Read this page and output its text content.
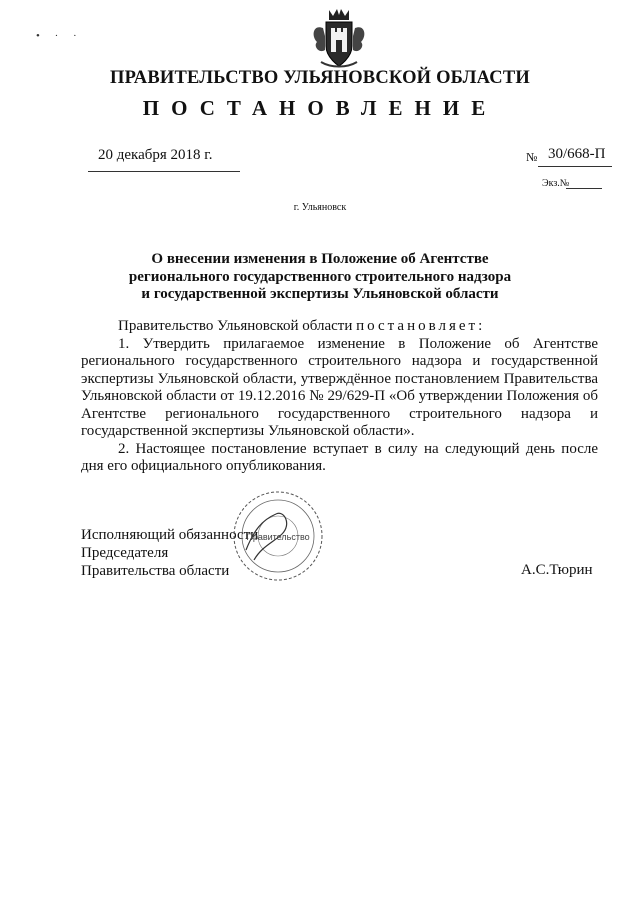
• · ·
ПРАВИТЕЛЬСТВО УЛЬЯНОВСКОЙ ОБЛАСТИ
ПОСТАНОВЛЕНИЕ
20 декабря 2018 г.	№ 30/668-П
Экз.№
г. Ульяновск
О внесении изменения в Положение об Агентстве
регионального государственного строительного надзора
и государственной экспертизы Ульяновской области

Правительство Ульяновской области постановляет:

1. Утвердить прилагаемое изменение в Положение об Агентстве регионального государственного строительного надзора и государственной экспертизы Ульяновской области, утверждённое постановлением Правительства Ульяновской области от 19.12.2016 № 29/629-П «Об утверждении Положения об Агентстве регионального государственного строительного надзора и государственной экспертизы Ульяновской области».

2. Настоящее постановление вступает в силу на следующий день после дня его официального опубликования.

Исполняющий обязанности
Председателя
Правительства области	А.С.Тюрин
Правительство
